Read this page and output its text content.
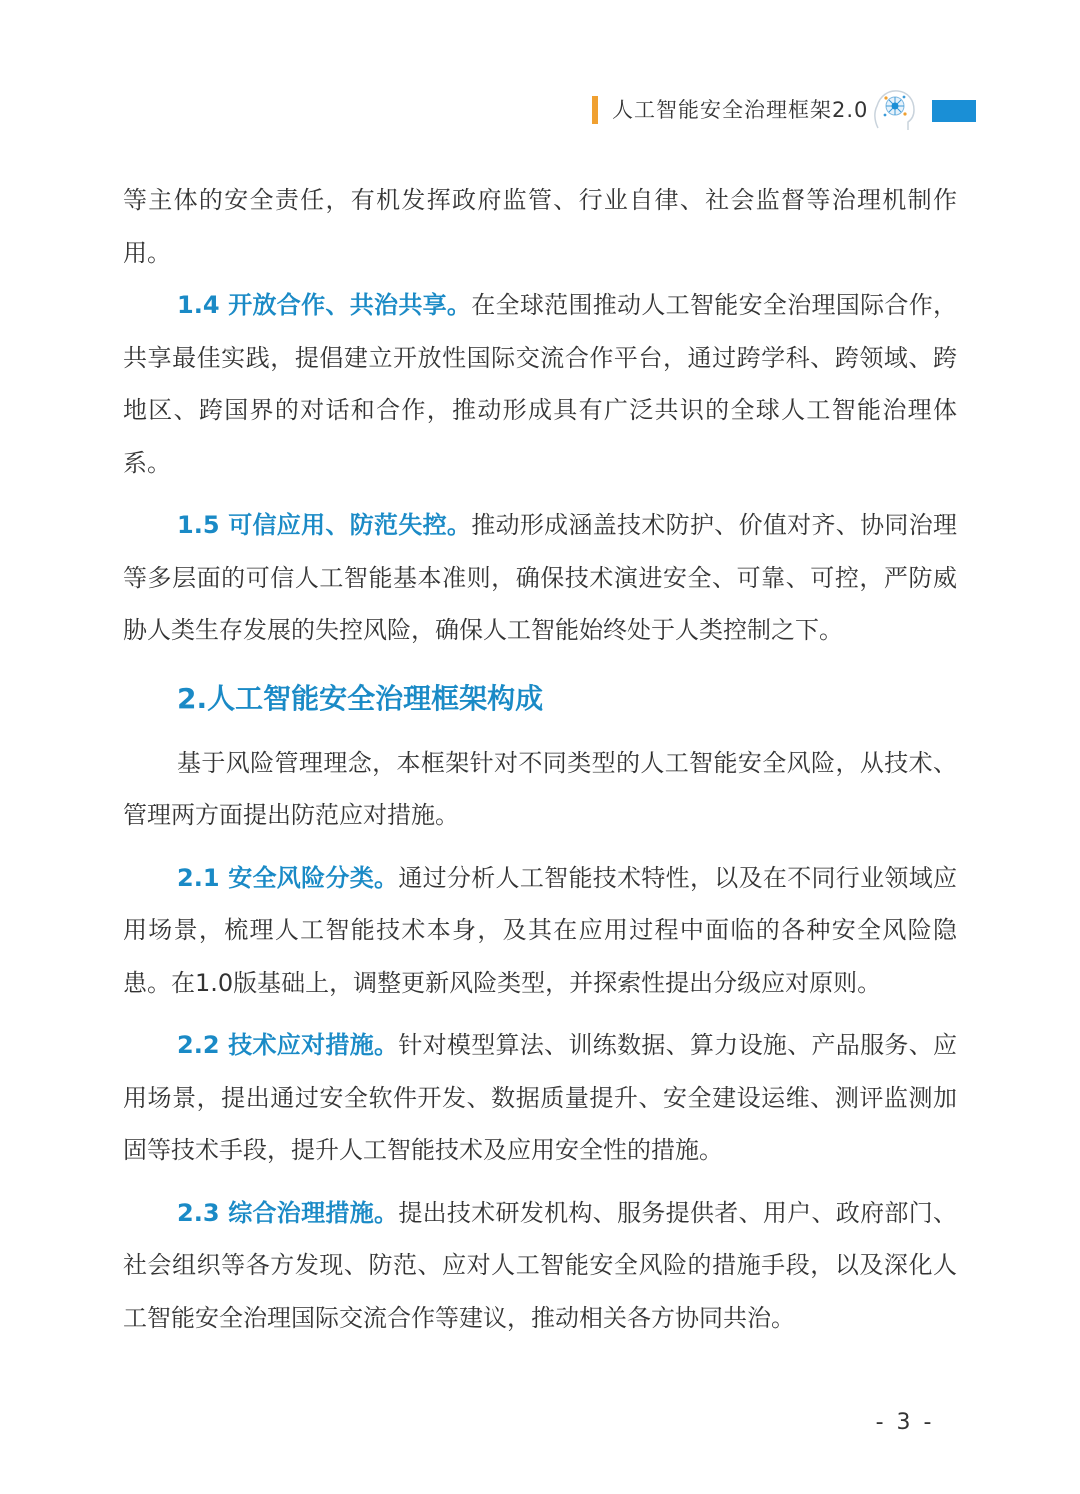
人工智能安全治理框架2.0

等主体的安全责任，有机发挥政府监管、行业自律、社会监督等治理机制作用。

1.4 开放合作、共治共享。在全球范围推动人工智能安全治理国际合作，共享最佳实践，提倡建立开放性国际交流合作平台，通过跨学科、跨领域、跨地区、跨国界的对话和合作，推动形成具有广泛共识的全球人工智能治理体系。

1.5 可信应用、防范失控。推动形成涵盖技术防护、价值对齐、协同治理等多层面的可信人工智能基本准则，确保技术演进安全、可靠、可控，严防威胁人类生存发展的失控风险，确保人工智能始终处于人类控制之下。

2.人工智能安全治理框架构成

基于风险管理理念，本框架针对不同类型的人工智能安全风险，从技术、管理两方面提出防范应对措施。

2.1 安全风险分类。通过分析人工智能技术特性，以及在不同行业领域应用场景，梳理人工智能技术本身，及其在应用过程中面临的各种安全风险隐患。在1.0版基础上，调整更新风险类型，并探索性提出分级应对原则。

2.2 技术应对措施。针对模型算法、训练数据、算力设施、产品服务、应用场景，提出通过安全软件开发、数据质量提升、安全建设运维、测评监测加固等技术手段，提升人工智能技术及应用安全性的措施。

2.3 综合治理措施。提出技术研发机构、服务提供者、用户、政府部门、社会组织等各方发现、防范、应对人工智能安全风险的措施手段，以及深化人工智能安全治理国际交流合作等建议，推动相关各方协同共治。

- 3 -
